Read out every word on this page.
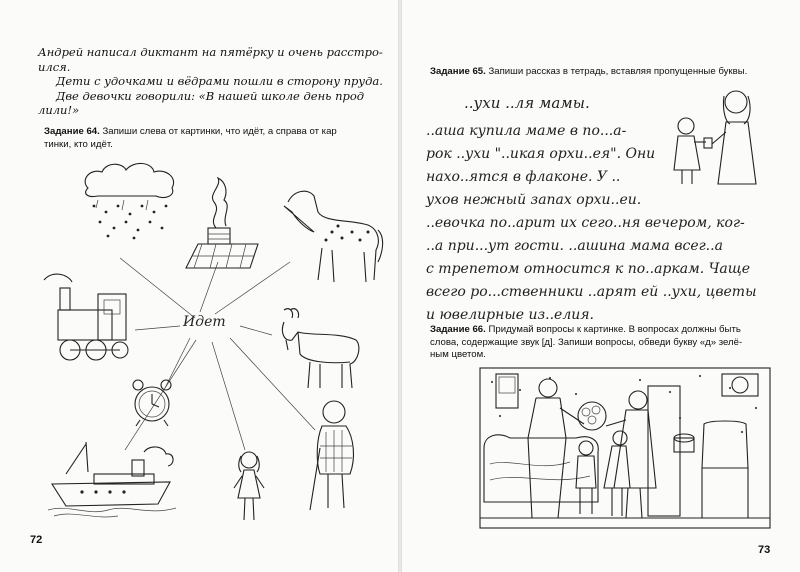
Андрей написал диктант на пятёрку и очень расстро-
ился.
Дети с удочками и вёдрами пошли в сторону пруда.
Две девочки говорили: «В нашей школе день прод
лили!»
Задание 64. Запиши слева от картинки, что идёт, а справа от кар
тинки, кто идёт.
Идет
72
Задание 65. Запиши рассказ в тетрадь, вставляя пропущенные буквы.
..ухи ..ля мамы.
..аша купила маме в по...а-
рок ..ухи "..икая орхи..ея". Они
нахо..ятся в флаконе. У ..
ухов нежный запах орхи..еи.
..евочка по..арит их сего..ня вечером, ког-
..а при...ут гости. ..ашина мама всег..а
с трепетом относится к по..аркам. Чаще
всего ро...ственники ..арят ей ..ухи, цветы
и ювелирные из..елия.
Задание 66. Придумай вопросы к картинке. В вопросах должны быть
слова, содержащие звук [д]. Запиши вопросы, обведи букву «д» зелё-
ным цветом.
73
